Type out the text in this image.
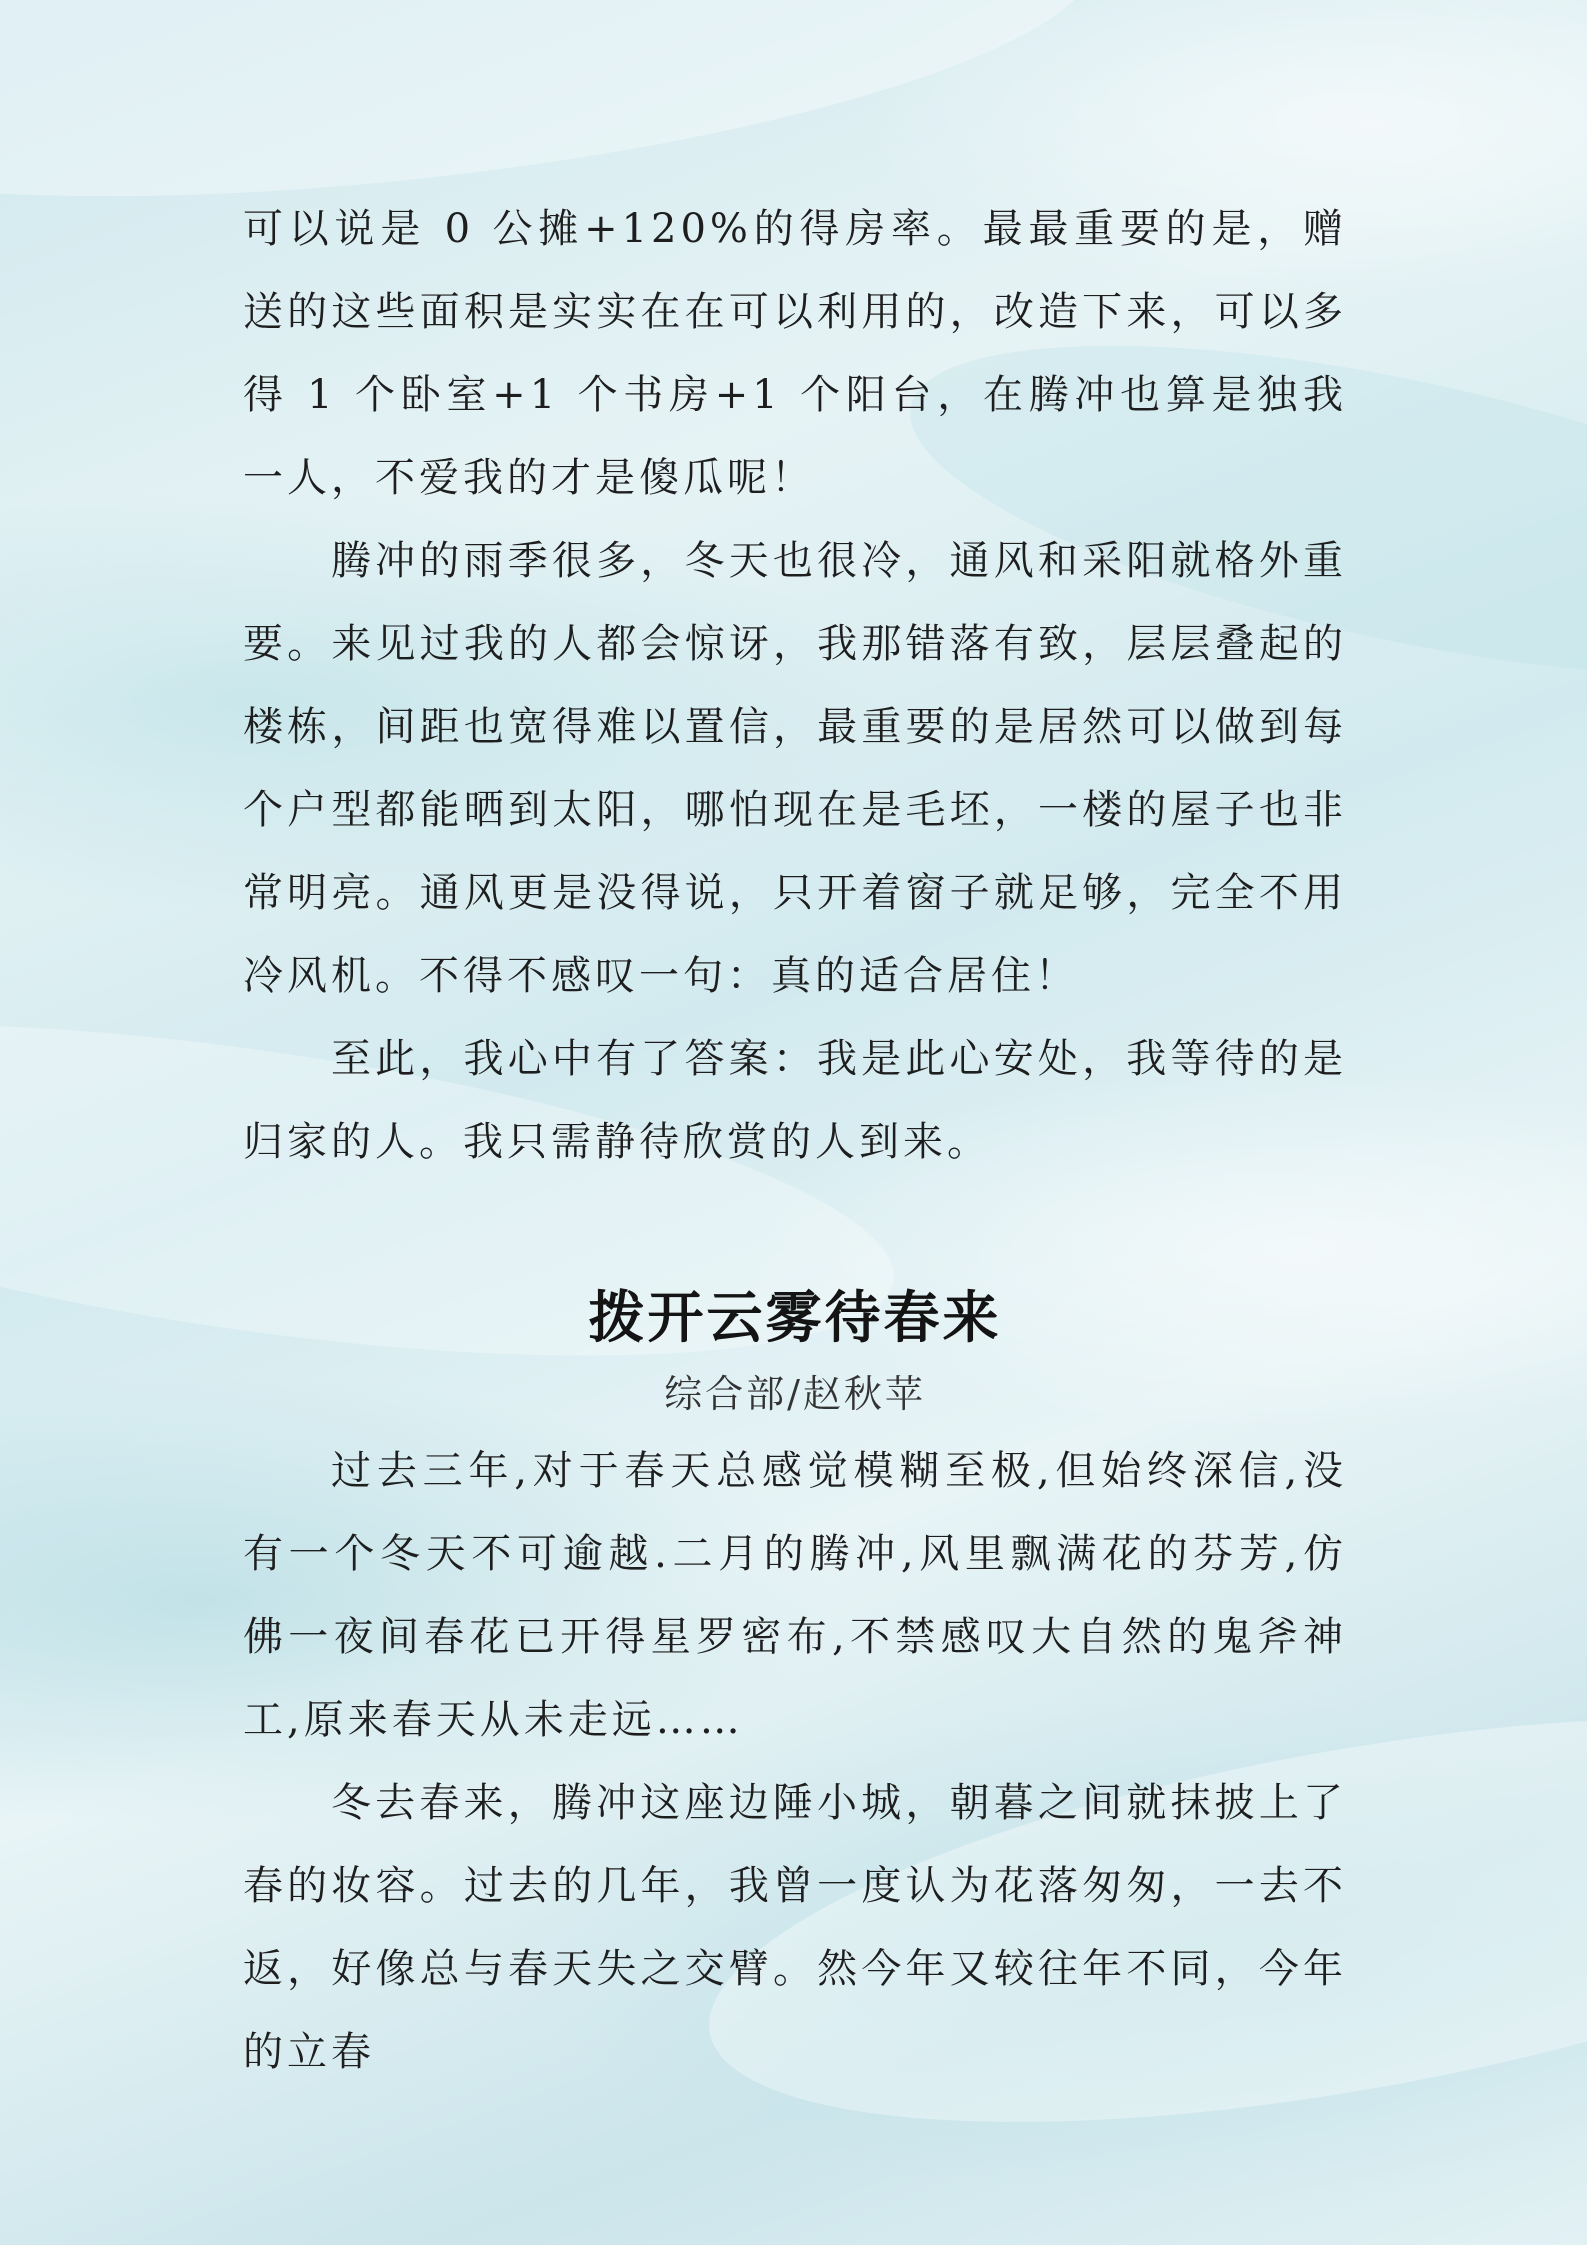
可以说是 0 公摊+120%的得房率。最最重要的是，赠送的这些面积是实实在在可以利用的，改造下来，可以多得 1 个卧室+1 个书房+1 个阳台，在腾冲也算是独我一人，不爱我的才是傻瓜呢！

腾冲的雨季很多，冬天也很冷，通风和采阳就格外重要。来见过我的人都会惊讶，我那错落有致，层层叠起的楼栋，间距也宽得难以置信，最重要的是居然可以做到每个户型都能晒到太阳，哪怕现在是毛坯，一楼的屋子也非常明亮。通风更是没得说，只开着窗子就足够，完全不用冷风机。不得不感叹一句：真的适合居住！

至此，我心中有了答案：我是此心安处，我等待的是归家的人。我只需静待欣赏的人到来。

拨开云雾待春来

综合部/赵秋苹

过去三年,对于春天总感觉模糊至极,但始终深信,没有一个冬天不可逾越.二月的腾冲,风里飘满花的芬芳,仿佛一夜间春花已开得星罗密布,不禁感叹大自然的鬼斧神工,原来春天从未走远……

冬去春来，腾冲这座边陲小城，朝暮之间就抹披上了春的妆容。过去的几年，我曾一度认为花落匆匆，一去不返，好像总与春天失之交臂。然今年又较往年不同，今年的立春
